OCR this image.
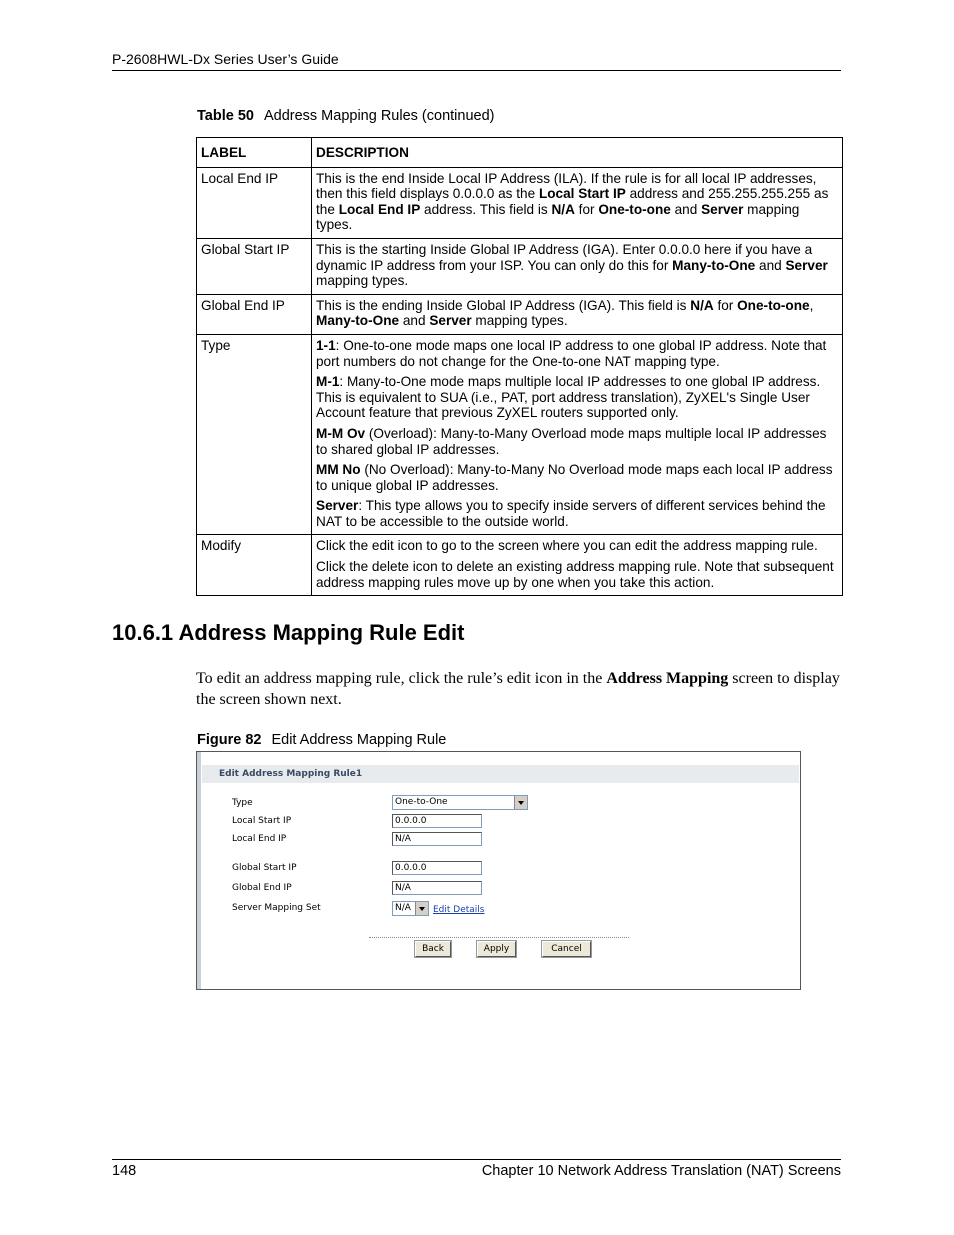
P-2608HWL-Dx Series User’s Guide
Table 50 Address Mapping Rules (continued)
LABEL	DESCRIPTION
Local End IP	This is the end Inside Local IP Address (ILA). If the rule is for all local IP addresses, then this field displays 0.0.0.0 as the Local Start IP address and 255.255.255.255 as the Local End IP address. This field is N/A for One-to-one and Server mapping types.

Global Start IP	This is the starting Inside Global IP Address (IGA). Enter 0.0.0.0 here if you have a dynamic IP address from your ISP. You can only do this for Many-to-One and Server mapping types.

Global End IP	This is the ending Inside Global IP Address (IGA). This field is N/A for One-to-one, Many-to-One and Server mapping types.

Type	1-1: One-to-one mode maps one local IP address to one global IP address. Note that port numbers do not change for the One-to-one NAT mapping type.

M-1: Many-to-One mode maps multiple local IP addresses to one global IP address. This is equivalent to SUA (i.e., PAT, port address translation), ZyXEL's Single User Account feature that previous ZyXEL routers supported only.

M-M Ov (Overload): Many-to-Many Overload mode maps multiple local IP addresses to shared global IP addresses.

MM No (No Overload): Many-to-Many No Overload mode maps each local IP address to unique global IP addresses.

Server: This type allows you to specify inside servers of different services behind the NAT to be accessible to the outside world.

Modify	Click the edit icon to go to the screen where you can edit the address mapping rule.

Click the delete icon to delete an existing address mapping rule. Note that subsequent address mapping rules move up by one when you take this action.

10.6.1 Address Mapping Rule Edit

To edit an address mapping rule, click the rule’s edit icon in the Address Mapping screen to display the screen shown next.

Figure 82 Edit Address Mapping Rule
Edit Address Mapping Rule1
Type	One-to-One
Local Start IP	0.0.0.0
Local End IP	N/A
Global Start IP	0.0.0.0
Global End IP	N/A
Server Mapping Set	N/A	Edit Details
Back	Apply	Cancel
148	Chapter 10 Network Address Translation (NAT) Screens
